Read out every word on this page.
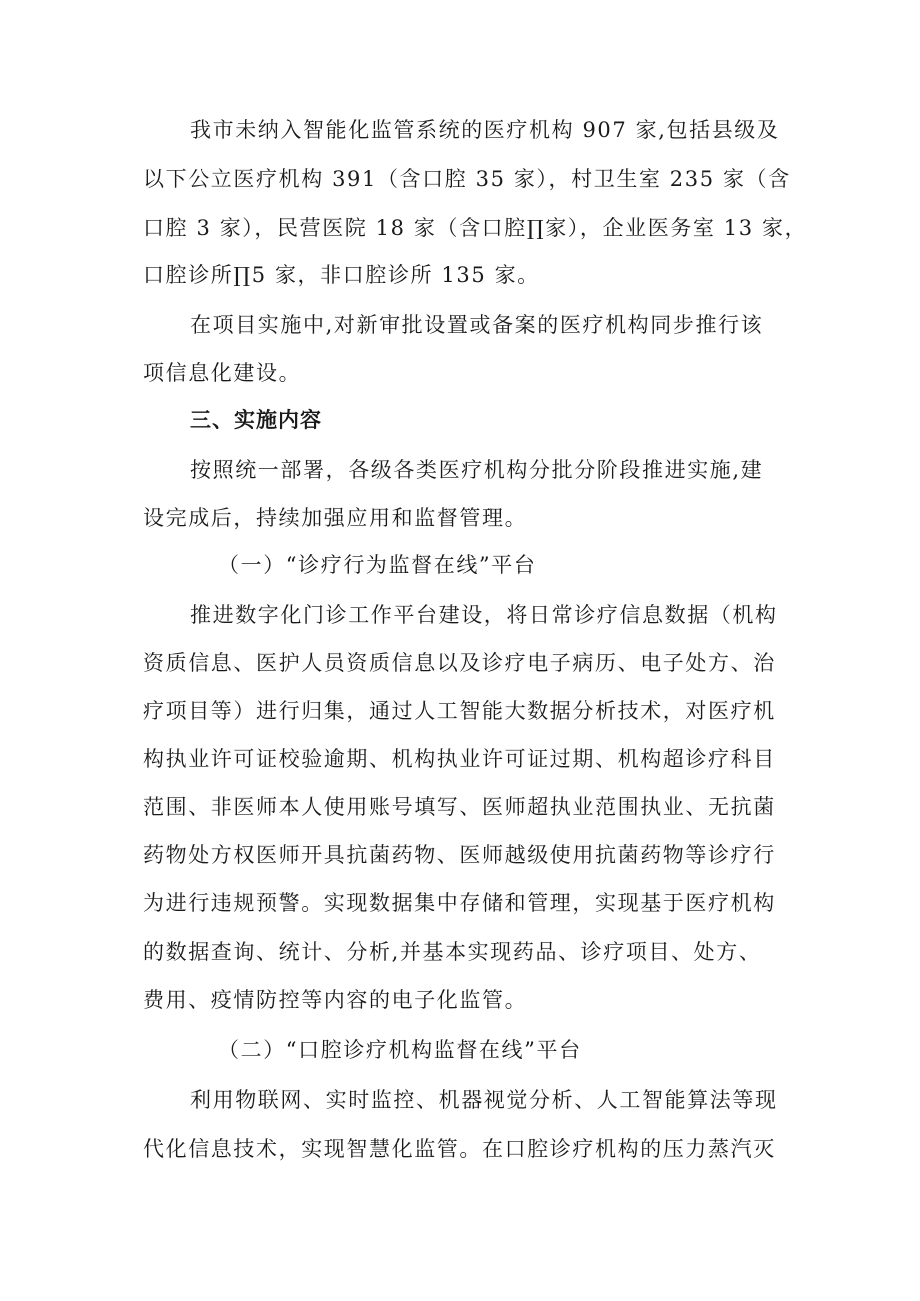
我市未纳入智能化监管系统的医疗机构 907 家,包括县级及
以下公立医疗机构 391（含口腔 35 家），村卫生室 235 家（含
口腔 3 家），民营医院 18 家（含口腔∏家），企业医务室 13 家，
口腔诊所∏5 家，非口腔诊所 135 家。
在项目实施中,对新审批设置或备案的医疗机构同步推行该
项信息化建设。
三、实施内容
按照统一部署，各级各类医疗机构分批分阶段推进实施,建
设完成后，持续加强应用和监督管理。
（一）“诊疗行为监督在线”平台
推进数字化门诊工作平台建设，将日常诊疗信息数据（机构
资质信息、医护人员资质信息以及诊疗电子病历、电子处方、治
疗项目等）进行归集，通过人工智能大数据分析技术，对医疗机
构执业许可证校验逾期、机构执业许可证过期、机构超诊疗科目
范围、非医师本人使用账号填写、医师超执业范围执业、无抗菌
药物处方权医师开具抗菌药物、医师越级使用抗菌药物等诊疗行
为进行违规预警。实现数据集中存储和管理，实现基于医疗机构
的数据查询、统计、分析,并基本实现药品、诊疗项目、处方、
费用、疫情防控等内容的电子化监管。
（二）“口腔诊疗机构监督在线”平台
利用物联网、实时监控、机器视觉分析、人工智能算法等现
代化信息技术，实现智慧化监管。在口腔诊疗机构的压力蒸汽灭
